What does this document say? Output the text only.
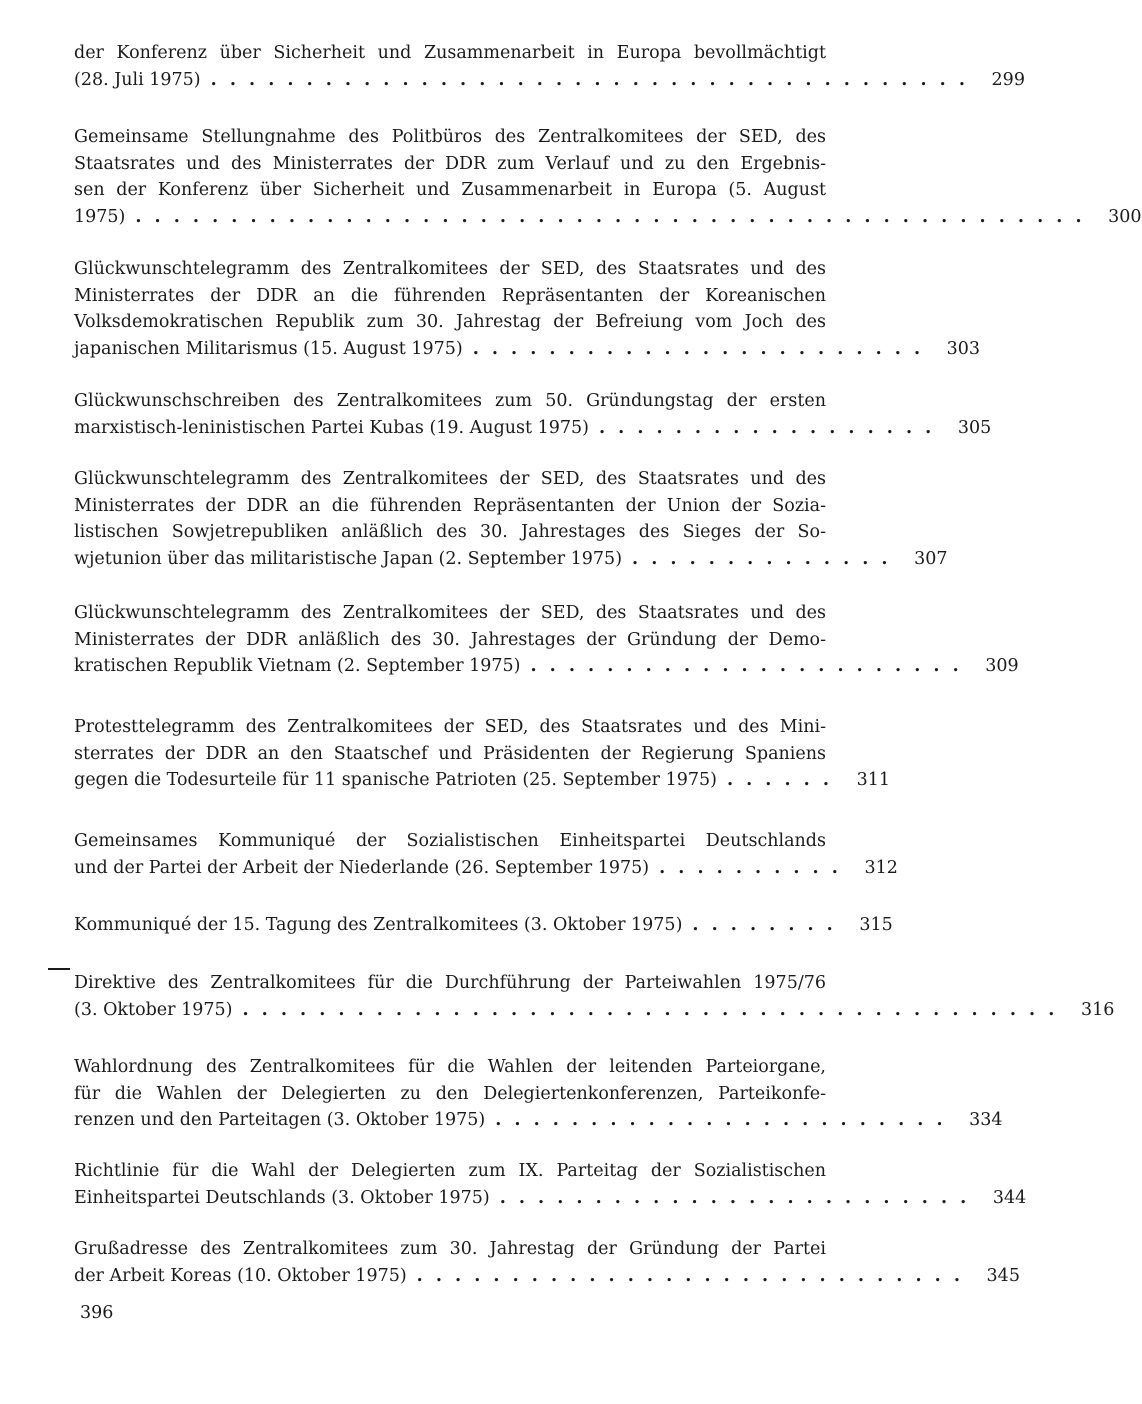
der Konferenz über Sicherheit und Zusammenarbeit in Europa bevollmächtigt
(28. Juli 1975) . . . . . . . . . . . . . . . . . . . . . . . . . . . . . . . . . . . . . . . .	299
Gemeinsame Stellungnahme des Politbüros des Zentralkomitees der SED, des
Staatsrates und des Ministerrates der DDR zum Verlauf und zu den Ergebnis-
sen der Konferenz über Sicherheit und Zusammenarbeit in Europa (5. August
1975) . . . . . . . . . . . . . . . . . . . . . . . . . . . . . . . . . . . . . . . . . . . . . . . . . .	300
Glückwunschtelegramm des Zentralkomitees der SED, des Staatsrates und des
Ministerrates der DDR an die führenden Repräsentanten der Koreanischen
Volksdemokratischen Republik zum 30. Jahrestag der Befreiung vom Joch des
japanischen Militarismus (15. August 1975) . . . . . . . . . . . . . . . . . . . . . . . .	303
Glückwunschschreiben des Zentralkomitees zum 50. Gründungstag der ersten
marxistisch-leninistischen Partei Kubas (19. August 1975) . . . . . . . . . . . . . . . . . .	305
Glückwunschtelegramm des Zentralkomitees der SED, des Staatsrates und des
Ministerrates der DDR an die führenden Repräsentanten der Union der Sozia-
listischen Sowjetrepubliken anläßlich des 30. Jahrestages des Sieges der So-
wjetunion über das militaristische Japan (2. September 1975) . . . . . . . . . . . . . .	307
Glückwunschtelegramm des Zentralkomitees der SED, des Staatsrates und des
Ministerrates der DDR anläßlich des 30. Jahrestages der Gründung der Demo-
kratischen Republik Vietnam (2. September 1975) . . . . . . . . . . . . . . . . . . . . . . .	309
Protesttelegramm des Zentralkomitees der SED, des Staatsrates und des Mini-
sterrates der DDR an den Staatschef und Präsidenten der Regierung Spaniens
gegen die Todesurteile für 11 spanische Patrioten (25. September 1975) . . . . . .	311
Gemeinsames Kommuniqué der Sozialistischen Einheitspartei Deutschlands
und der Partei der Arbeit der Niederlande (26. September 1975) . . . . . . . . . .	312
Kommuniqué der 15. Tagung des Zentralkomitees (3. Oktober 1975) . . . . . . . .	315
Direktive des Zentralkomitees für die Durchführung der Parteiwahlen 1975/76
(3. Oktober 1975) . . . . . . . . . . . . . . . . . . . . . . . . . . . . . . . . . . . . . . . . . . .	316
Wahlordnung des Zentralkomitees für die Wahlen der leitenden Parteiorgane,
für die Wahlen der Delegierten zu den Delegiertenkonferenzen, Parteikonfe-
renzen und den Parteitagen (3. Oktober 1975) . . . . . . . . . . . . . . . . . . . . . . . .	334
Richtlinie für die Wahl der Delegierten zum IX. Parteitag der Sozialistischen
Einheitspartei Deutschlands (3. Oktober 1975) . . . . . . . . . . . . . . . . . . . . . . . . .	344
Grußadresse des Zentralkomitees zum 30. Jahrestag der Gründung der Partei
der Arbeit Koreas (10. Oktober 1975) . . . . . . . . . . . . . . . . . . . . . . . . . . . . .	345
396
